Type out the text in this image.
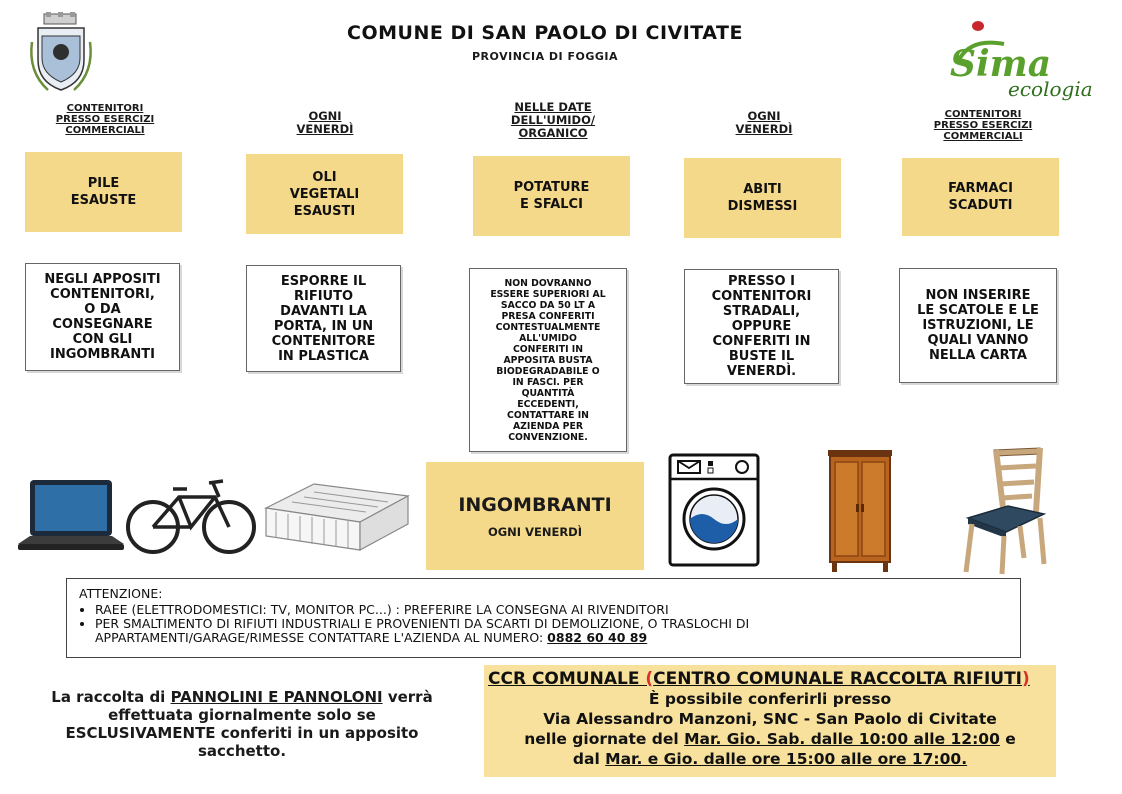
COMUNE DI SAN PAOLO DI CIVITATE
PROVINCIA DI FOGGIA	Sima
ecologia
CONTENITORI
PRESSO ESERCIZI
COMMERCIALI
PILE
ESAUSTE
NEGLI APPOSITI
CONTENITORI,
O DA
CONSEGNARE
CON GLI
INGOMBRANTI
OGNI
VENERDÌ
OLI
VEGETALI
ESAUSTI
ESPORRE IL
RIFIUTO
DAVANTI LA
PORTA, IN UN
CONTENITORE
IN PLASTICA
NELLE DATE
DELL'UMIDO/
ORGANICO
POTATURE
E SFALCI
NON DOVRANNO
ESSERE SUPERIORI AL
SACCO DA 50 LT A
PRESA CONFERITI
CONTESTUALMENTE
ALL'UMIDO
CONFERITI IN
APPOSITA BUSTA
BIODEGRADABILE O
IN FASCI. PER
QUANTITÀ
ECCEDENTI,
CONTATTARE IN
AZIENDA PER
CONVENZIONE.
OGNI
VENERDÌ
ABITI
DISMESSI
PRESSO I
CONTENITORI
STRADALI,
OPPURE
CONFERITI IN
BUSTE IL
VENERDÌ.
CONTENITORI
PRESSO ESERCIZI
COMMERCIALI
FARMACI
SCADUTI
NON INSERIRE
LE SCATOLE E LE
ISTRUZIONI, LE
QUALI VANNO
NELLA CARTA
INGOMBRANTI
OGNI VENERDÌ
ATTENZIONE:
• RAEE (ELETTRODOMESTICI: TV, MONITOR PC...) : PREFERIRE LA CONSEGNA AI RIVENDITORI
• PER SMALTIMENTO DI RIFIUTI INDUSTRIALI E PROVENIENTI DA SCARTI DI DEMOLIZIONE, O TRASLOCHI DI
APPARTAMENTI/GARAGE/RIMESSE CONTATTARE L'AZIENDA AL NUMERO: 0882 60 40 89
La raccolta di PANNOLINI E PANNOLONI verrà
effettuata giornalmente solo se
ESCLUSIVAMENTE conferiti in un apposito
sacchetto.
CCR COMUNALE (CENTRO COMUNALE RACCOLTA RIFIUTI)
È possibile conferirli presso
Via Alessandro Manzoni, SNC - San Paolo di Civitate
nelle giornate del Mar. Gio. Sab. dalle 10:00 alle 12:00 e
dal Mar. e Gio. dalle ore 15:00 alle ore 17:00.
